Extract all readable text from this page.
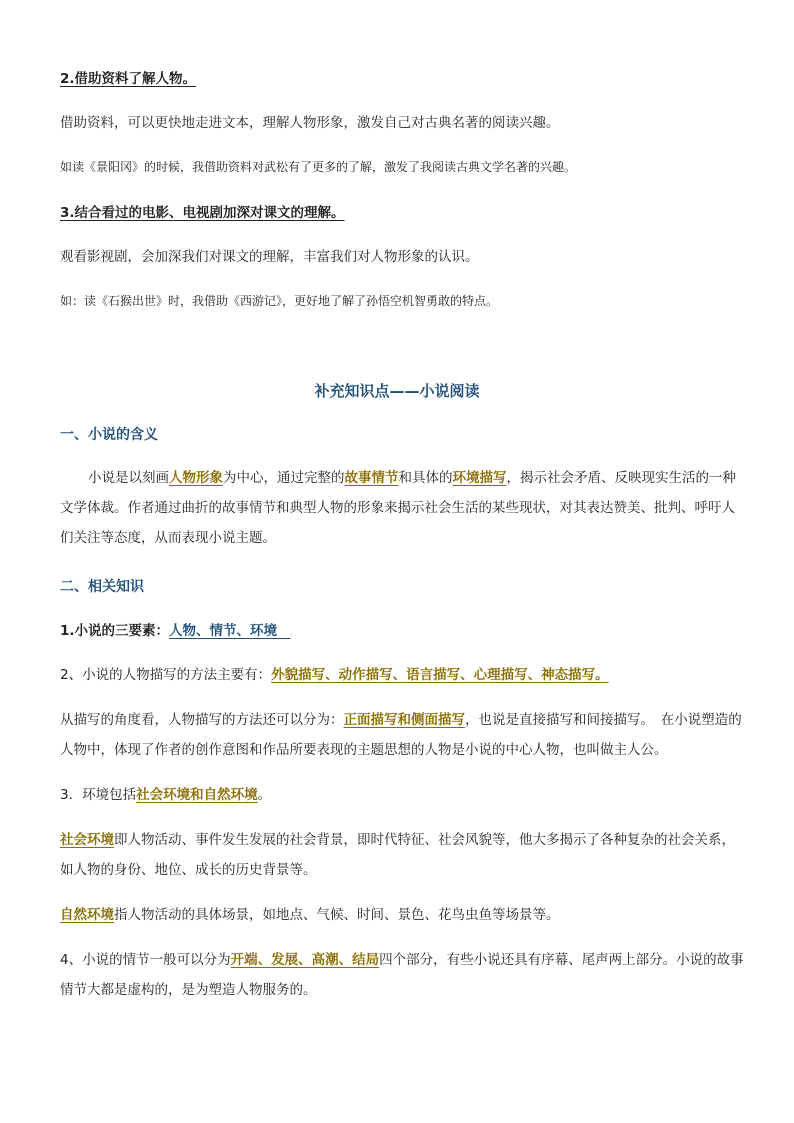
2.借助资料了解人物。
借助资料，可以更快地走进文本，理解人物形象，激发自己对古典名著的阅读兴趣。
如读《景阳冈》的时候，我借助资料对武松有了更多的了解，激发了我阅读古典文学名著的兴趣。
3.结合看过的电影、电视剧加深对课文的理解。
观看影视剧，会加深我们对课文的理解，丰富我们对人物形象的认识。
如：读《石猴出世》时，我借助《西游记》，更好地了解了孙悟空机智勇敢的特点。
补充知识点——小说阅读
一、小说的含义
小说是以刻画人物形象为中心，通过完整的故事情节和具体的环境描写，揭示社会矛盾、反映现实生活的一种文学体裁。作者通过曲折的故事情节和典型人物的形象来揭示社会生活的某些现状，对其表达赞美、批判、呼吁人们关注等态度，从而表现小说主题。
二、相关知识
1.小说的三要素：人物、情节、环境　
2、小说的人物描写的方法主要有：外貌描写、动作描写、语言描写、心理描写、神态描写。
从描写的角度看，人物描写的方法还可以分为：正面描写和侧面描写，也说是直接描写和间接描写。　在小说塑造的人物中，体现了作者的创作意图和作品所要表现的主题思想的人物是小说的中心人物，也叫做主人公。
3．环境包括社会环境和自然环境。
社会环境即人物活动、事件发生发展的社会背景，即时代特征、社会风貌等，他大多揭示了各种复杂的社会关系，如人物的身份、地位、成长的历史背景等。
自然环境指人物活动的具体场景，如地点、气候、时间、景色、花鸟虫鱼等场景等。
4、小说的情节一般可以分为开端、发展、高潮、结局四个部分，有些小说还具有序幕、尾声两上部分。小说的故事情节大都是虚构的，是为塑造人物服务的。
